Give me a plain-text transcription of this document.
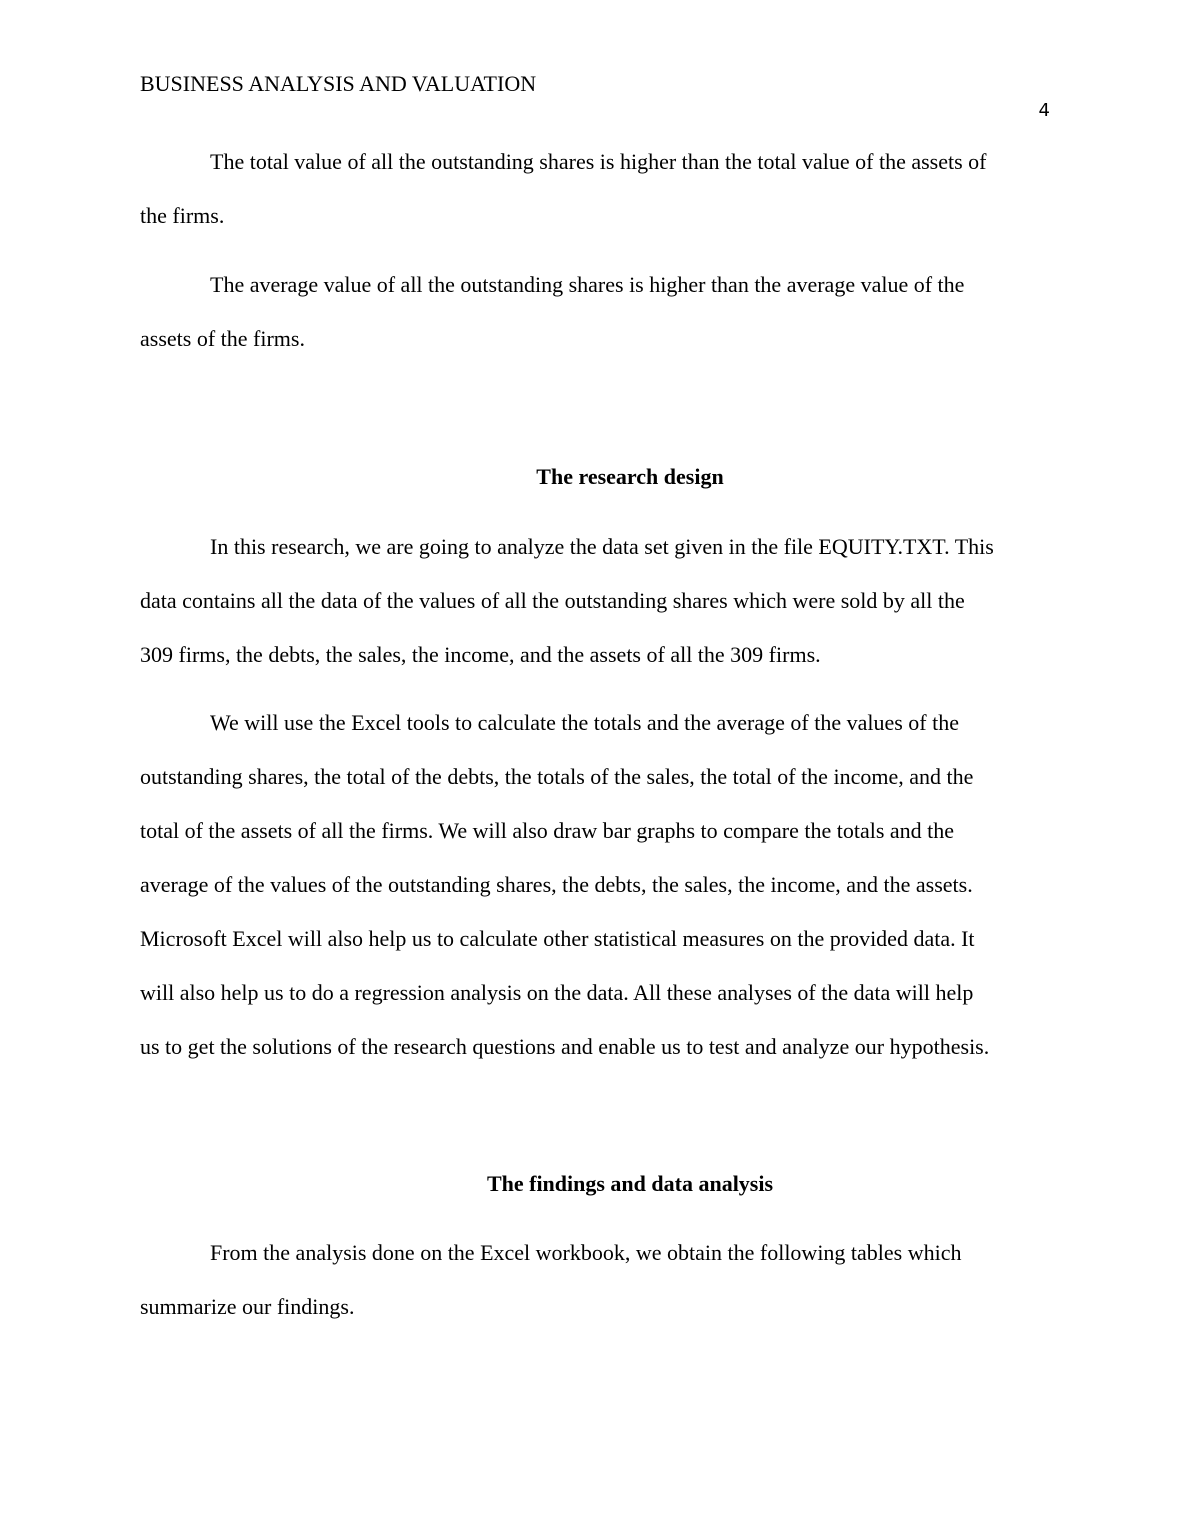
BUSINESS ANALYSIS AND VALUATION
4

The total value of all the outstanding shares is higher than the total value of the assets of
the firms.

The average value of all the outstanding shares is higher than the average value of the
assets of the firms.

The research design

In this research, we are going to analyze the data set given in the file EQUITY.TXT. This
data contains all the data of the values of all the outstanding shares which were sold by all the
309 firms, the debts, the sales, the income, and the assets of all the 309 firms.

We will use the Excel tools to calculate the totals and the average of the values of the
outstanding shares, the total of the debts, the totals of the sales, the total of the income, and the
total of the assets of all the firms. We will also draw bar graphs to compare the totals and the
average of the values of the outstanding shares, the debts, the sales, the income, and the assets.
Microsoft Excel will also help us to calculate other statistical measures on the provided data. It
will also help us to do a regression analysis on the data. All these analyses of the data will help
us to get the solutions of the research questions and enable us to test and analyze our hypothesis.

The findings and data analysis

From the analysis done on the Excel workbook, we obtain the following tables which
summarize our findings.
